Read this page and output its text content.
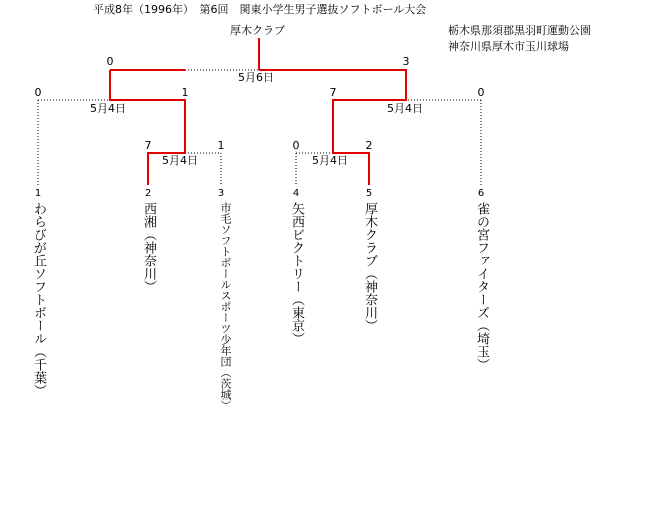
平成8年（1996年）　第6回　関東小学生男子選抜ソフトボール大会
栃木県那須郡黒羽町運動公園
神奈川県厚木市玉川球場
厚木クラブ
0	3
5月6日
0	1
5月4日
7	0
5月4日
7	1
5月4日
0	2
5月4日
1	2	3	4	5	6
わらびが丘ソフトボール（千葉）	西湘（神奈川）	市毛ソフトボールスポーツ少年団（茨城）	矢西ビクトリー（東京）	厚木クラブ（神奈川）	雀の宮ファイターズ（埼玉）
